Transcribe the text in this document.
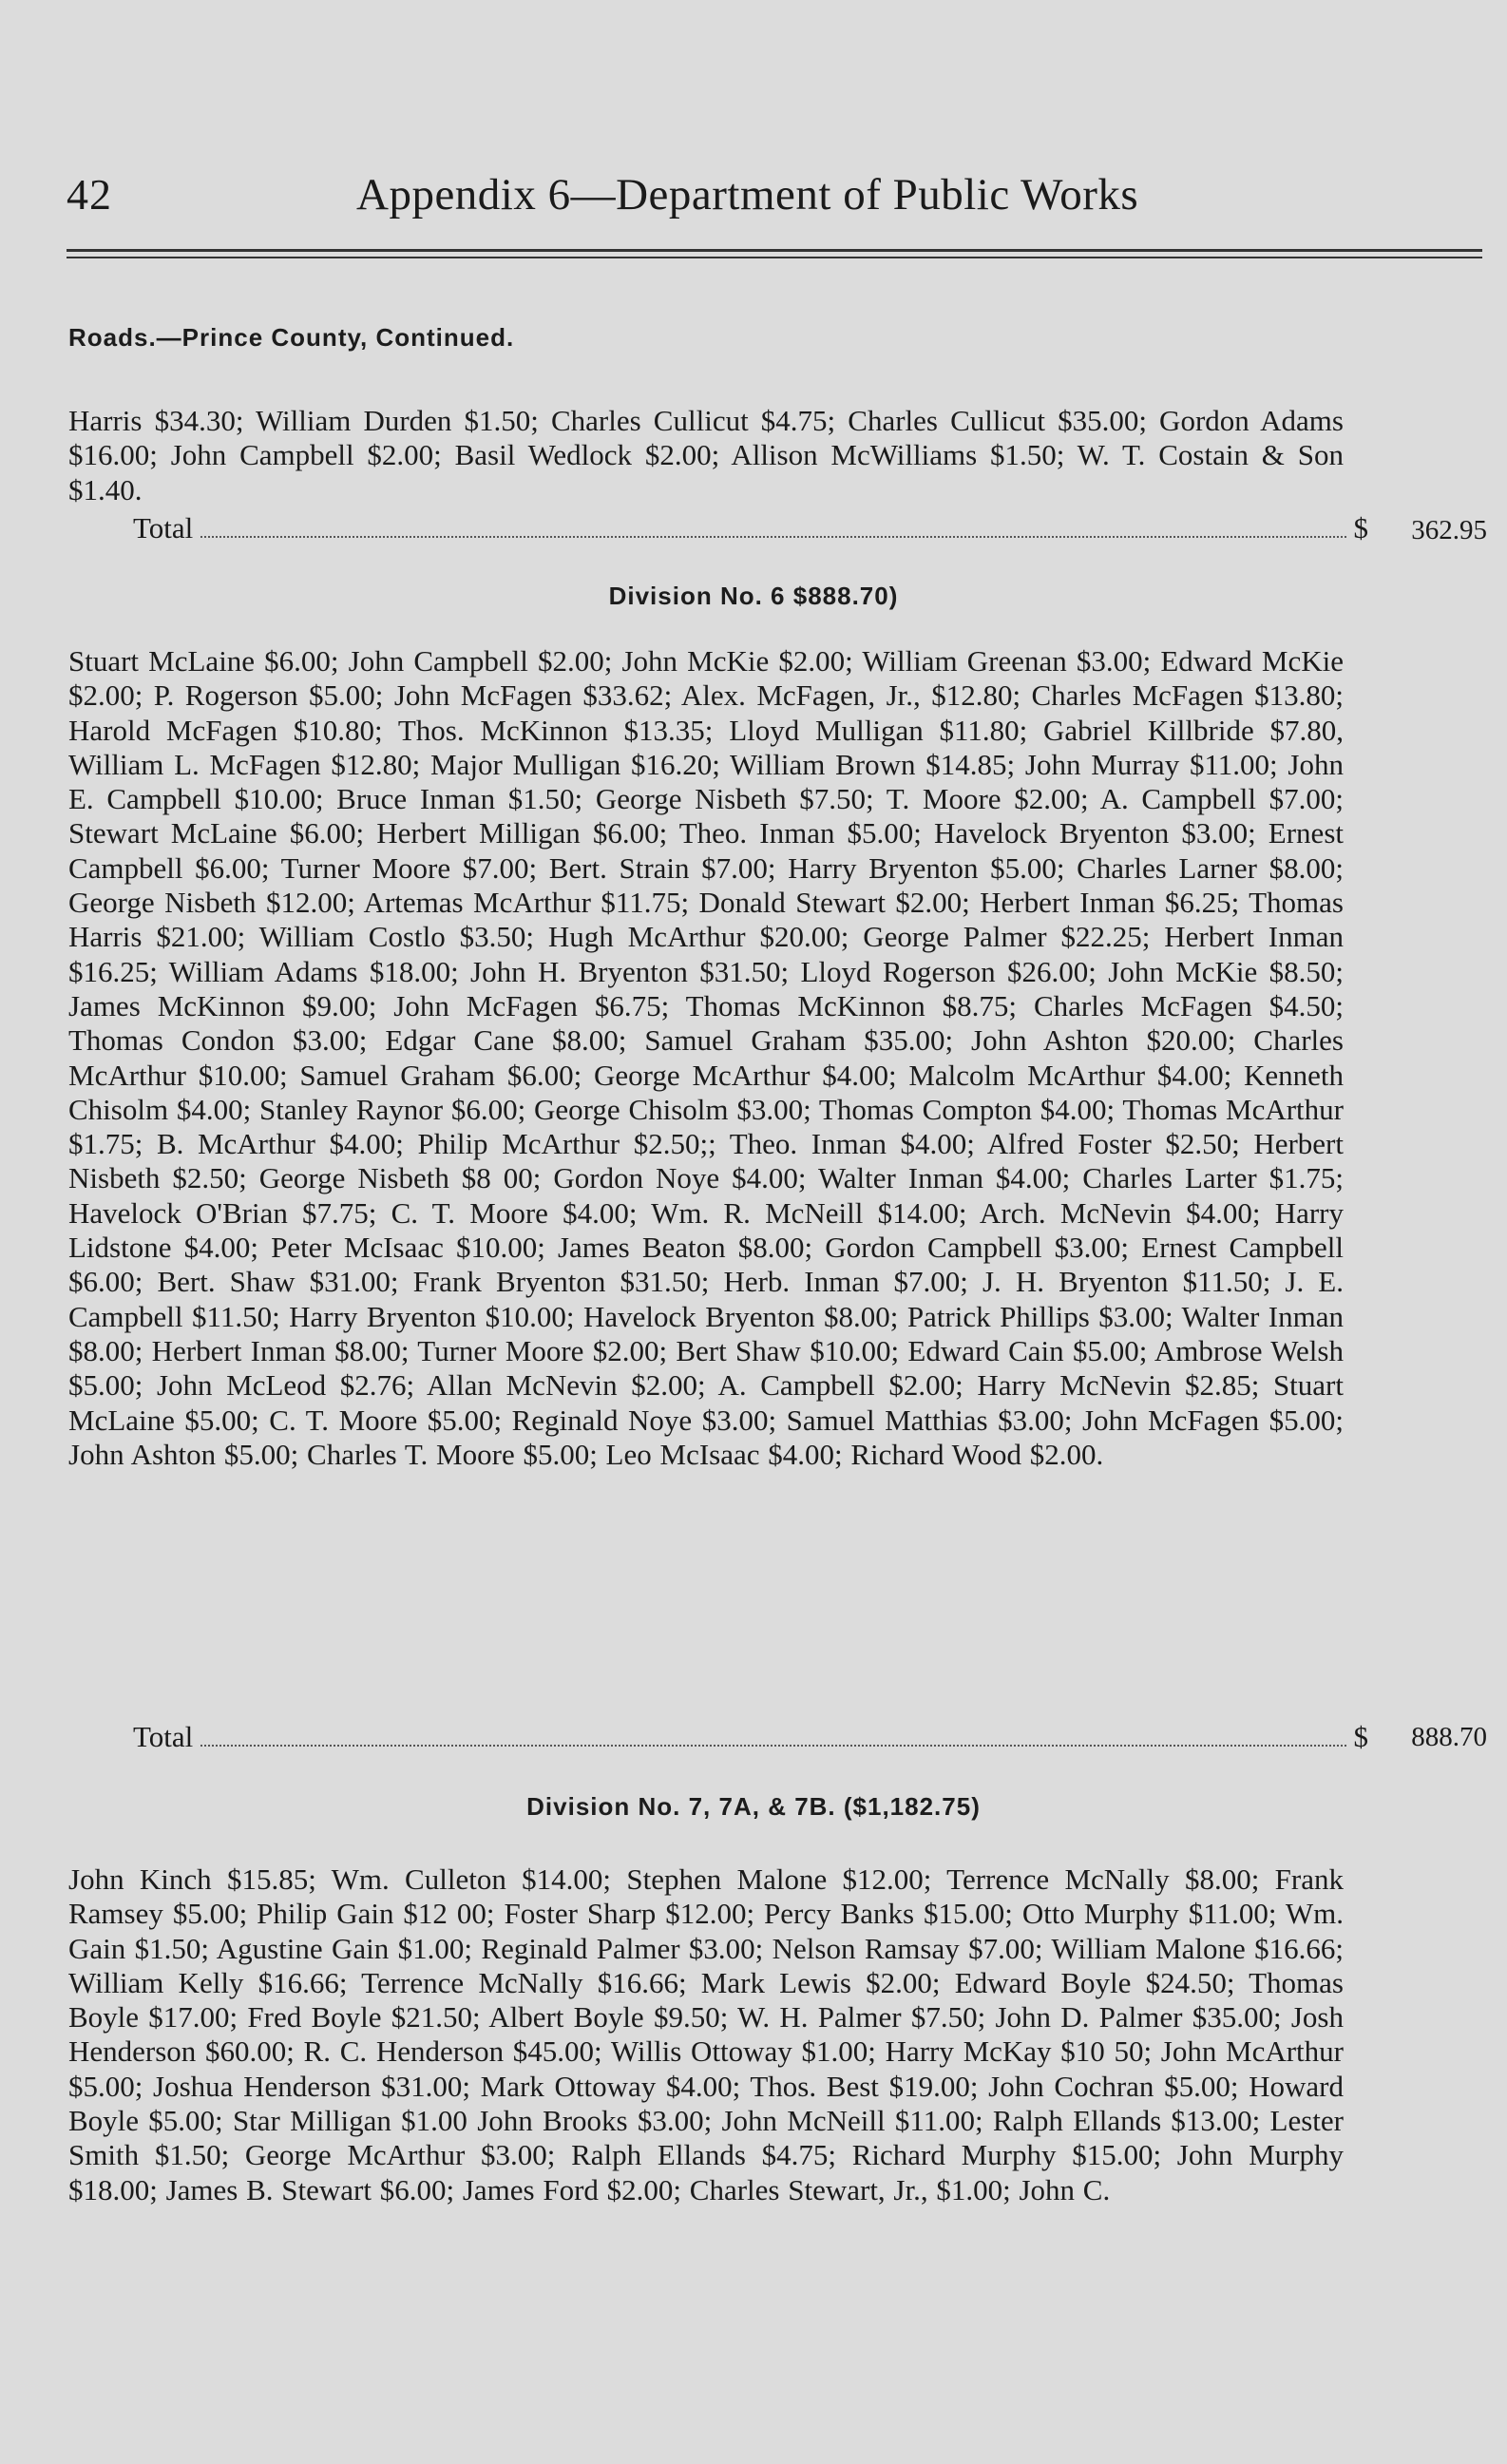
42	Appendix 6—Department of Public Works
Roads.—Prince County, Continued.
Harris $34.30; William Durden $1.50; Charles Cullicut $4.75; Charles Cullicut $35.00; Gordon Adams $16.00; John Campbell $2.00; Basil Wedlock $2.00; Allison McWilliams $1.50; W. T. Costain & Son $1.40.
Total	$	362.95
Division No. 6 $888.70)
Stuart McLaine $6.00; John Campbell $2.00; John McKie $2.00; William Greenan $3.00; Edward McKie $2.00; P. Rogerson $5.00; John McFagen $33.62; Alex. McFagen, Jr., $12.80; Charles McFagen $13.80; Harold McFagen $10.80; Thos. McKinnon $13.35; Lloyd Mulligan $11.80; Gabriel Killbride $7.80, William L. McFagen $12.80; Major Mulligan $16.20; William Brown $14.85; John Murray $11.00; John E. Campbell $10.00; Bruce Inman $1.50; George Nisbeth $7.50; T. Moore $2.00; A. Campbell $7.00; Stewart McLaine $6.00; Herbert Milligan $6.00; Theo. Inman $5.00; Havelock Bryenton $3.00; Ernest Campbell $6.00; Turner Moore $7.00; Bert. Strain $7.00; Harry Bryenton $5.00; Charles Larner $8.00; George Nisbeth $12.00; Artemas McArthur $11.75; Donald Stewart $2.00; Herbert Inman $6.25; Thomas Harris $21.00; William Costlo $3.50; Hugh McArthur $20.00; George Palmer $22.25; Herbert Inman $16.25; William Adams $18.00; John H. Bryenton $31.50; Lloyd Rogerson $26.00; John McKie $8.50; James McKinnon $9.00; John McFagen $6.75; Thomas McKinnon $8.75; Charles McFagen $4.50; Thomas Condon $3.00; Edgar Cane $8.00; Samuel Graham $35.00; John Ashton $20.00; Charles McArthur $10.00; Samuel Graham $6.00; George McArthur $4.00; Malcolm McArthur $4.00; Kenneth Chisolm $4.00; Stanley Raynor $6.00; George Chisolm $3.00; Thomas Compton $4.00; Thomas McArthur $1.75; B. McArthur $4.00; Philip McArthur $2.50;; Theo. Inman $4.00; Alfred Foster $2.50; Herbert Nisbeth $2.50; George Nisbeth $8 00; Gordon Noye $4.00; Walter Inman $4.00; Charles Larter $1.75; Havelock O'Brian $7.75; C. T. Moore $4.00; Wm. R. McNeill $14.00; Arch. McNevin $4.00; Harry Lidstone $4.00; Peter McIsaac $10.00; James Beaton $8.00; Gordon Campbell $3.00; Ernest Campbell $6.00; Bert. Shaw $31.00; Frank Bryenton $31.50; Herb. Inman $7.00; J. H. Bryenton $11.50; J. E. Campbell $11.50; Harry Bryenton $10.00; Havelock Bryenton $8.00; Patrick Phillips $3.00; Walter Inman $8.00; Herbert Inman $8.00; Turner Moore $2.00; Bert Shaw $10.00; Edward Cain $5.00; Ambrose Welsh $5.00; John McLeod $2.76; Allan McNevin $2.00; A. Campbell $2.00; Harry McNevin $2.85; Stuart McLaine $5.00; C. T. Moore $5.00; Reginald Noye $3.00; Samuel Matthias $3.00; John McFagen $5.00; John Ashton $5.00; Charles T. Moore $5.00; Leo McIsaac $4.00; Richard Wood $2.00.
Total	$	888.70
Division No. 7, 7A, & 7B. ($1,182.75)
John Kinch $15.85; Wm. Culleton $14.00; Stephen Malone $12.00; Terrence McNally $8.00; Frank Ramsey $5.00; Philip Gain $12 00; Foster Sharp $12.00; Percy Banks $15.00; Otto Murphy $11.00; Wm. Gain $1.50; Agustine Gain $1.00; Reginald Palmer $3.00; Nelson Ramsay $7.00; William Malone $16.66; William Kelly $16.66; Terrence McNally $16.66; Mark Lewis $2.00; Edward Boyle $24.50; Thomas Boyle $17.00; Fred Boyle $21.50; Albert Boyle $9.50; W. H. Palmer $7.50; John D. Palmer $35.00; Josh Henderson $60.00; R. C. Henderson $45.00; Willis Ottoway $1.00; Harry McKay $10 50; John McArthur $5.00; Joshua Henderson $31.00; Mark Ottoway $4.00; Thos. Best $19.00; John Cochran $5.00; Howard Boyle $5.00; Star Milligan $1.00 John Brooks $3.00; John McNeill $11.00; Ralph Ellands $13.00; Lester Smith $1.50; George McArthur $3.00; Ralph Ellands $4.75; Richard Murphy $15.00; John Murphy $18.00; James B. Stewart $6.00; James Ford $2.00; Charles Stewart, Jr., $1.00; John C.
